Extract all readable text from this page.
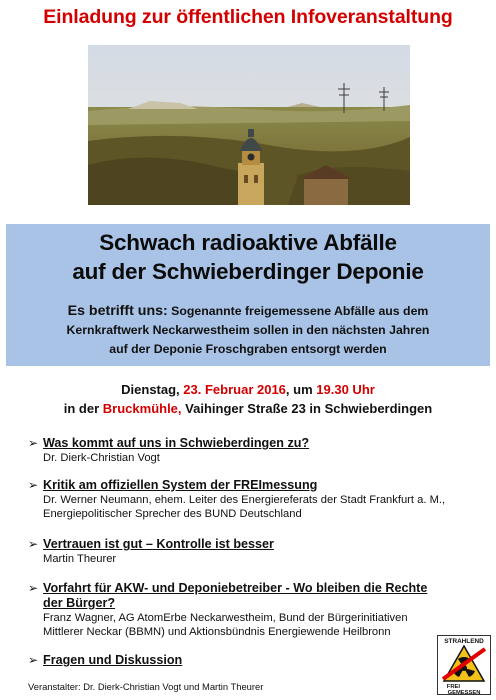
Einladung zur öffentlichen Infoveranstaltung
Schwach radioaktive Abfälle
auf der Schwieberdinger Deponie
Es betrifft uns: Sogenannte freigemessene Abfälle aus dem
Kernkraftwerk Neckarwestheim sollen in den nächsten Jahren
auf der Deponie Froschgraben entsorgt werden
Dienstag, 23. Februar 2016, um 19.30 Uhr
in der Bruckmühle, Vaihinger Straße 23 in Schwieberdingen
➢ Was kommt auf uns in Schwieberdingen zu?
Dr. Dierk-Christian Vogt
➢ Kritik am offiziellen System der FREImessung
Dr. Werner Neumann, ehem. Leiter des Energiereferats der Stadt Frankfurt a. M.,
Energiepolitischer Sprecher des BUND Deutschland
➢ Vertrauen ist gut – Kontrolle ist besser
Martin Theurer
➢ Vorfahrt für AKW- und Deponiebetreiber - Wo bleiben die Rechte
der Bürger?
Franz Wagner, AG AtomErbe Neckarwestheim, Bund der Bürgerinitiativen
Mittlerer Neckar (BBMN) und Aktionsbündnis Energiewende Heilbronn
➢ Fragen und Diskussion
Veranstalter: Dr. Dierk-Christian Vogt und Martin Theurer
STRAHLEND
FREI
GEMESSEN
